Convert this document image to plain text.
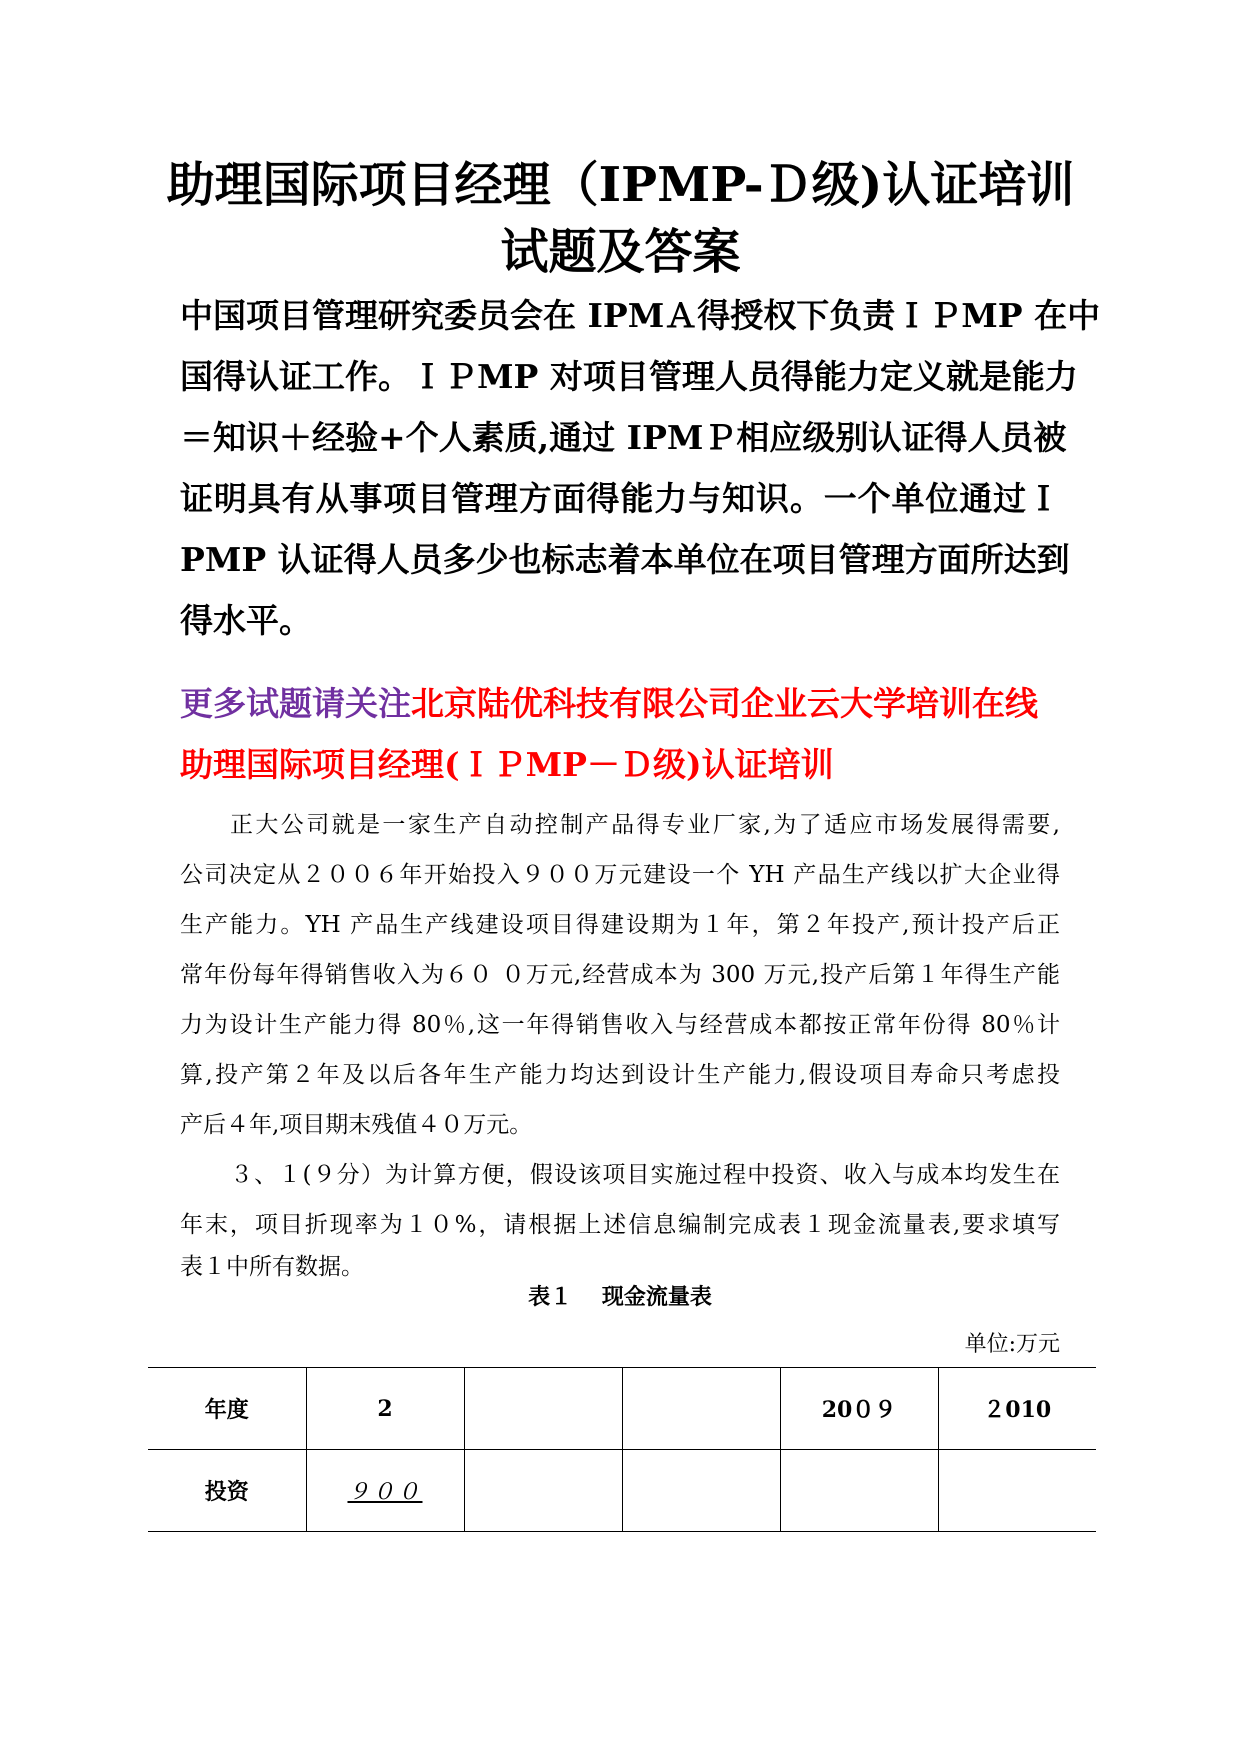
助理国际项目经理（IPMP-Ｄ级)认证培训
试题及答案
中国项目管理研究委员会在 IPMＡ得授权下负责ＩＰMP 在中
国得认证工作。ＩＰMP 对项目管理人员得能力定义就是能力
＝知识＋经验+个人素质,通过 IPMＰ相应级别认证得人员被
证明具有从事项目管理方面得能力与知识。一个单位通过Ｉ
PMP 认证得人员多少也标志着本单位在项目管理方面所达到
得水平。
更多试题请关注北京陆优科技有限公司企业云大学培训在线
助理国际项目经理(ＩＰMP－Ｄ级)认证培训
正大公司就是一家生产自动控制产品得专业厂家,为了适应市场发展得需要,
公司决定从２００６年开始投入９００万元建设一个 YH 产品生产线以扩大企业得
生产能力。YH 产品生产线建设项目得建设期为１年，第２年投产,预计投产后正
常年份每年得销售收入为６０ ０万元,经营成本为 300 万元,投产后第１年得生产能
力为设计生产能力得 80％,这一年得销售收入与经营成本都按正常年份得 80％计
算,投产第２年及以后各年生产能力均达到设计生产能力,假设项目寿命只考虑投
产后４年,项目期末残值４０万元。
３、１(９分）为计算方便，假设该项目实施过程中投资、收入与成本均发生在
年末，项目折现率为１０%，请根据上述信息编制完成表１现金流量表,要求填写
表１中所有数据。
表１　 现金流量表
单位:万元
年度	2			20０９	２010
投资	９００				
